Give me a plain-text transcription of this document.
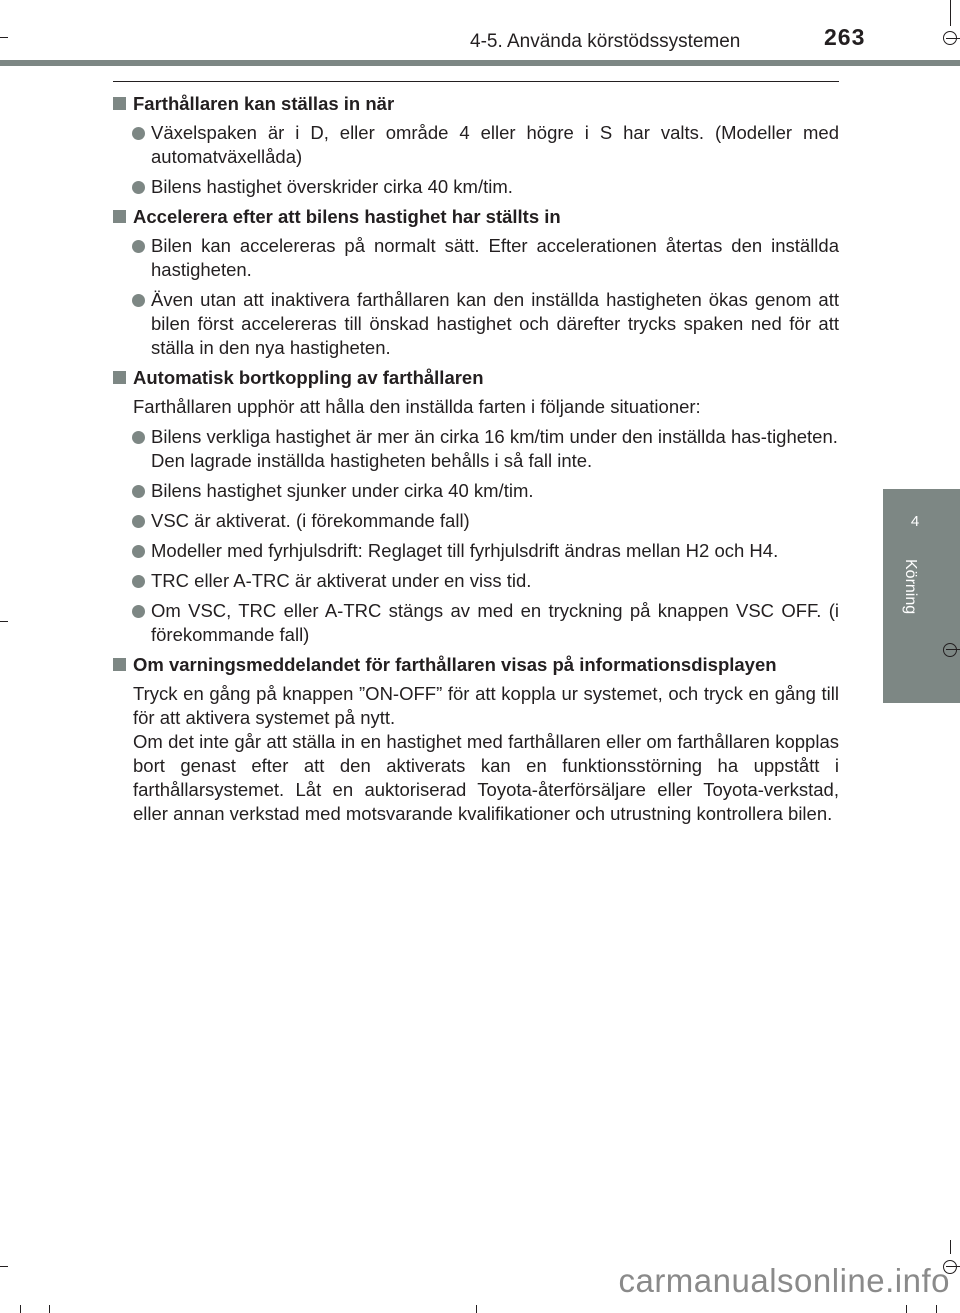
4-5. Använda körstödssystemen	263
4
Körning
Farthållaren kan ställas in när
Växelspaken är i D, eller område 4 eller högre i S har valts. (Modeller med automatväxellåda)
Bilens hastighet överskrider cirka 40 km/tim.
Accelerera efter att bilens hastighet har ställts in
Bilen kan accelereras på normalt sätt. Efter accelerationen återtas den inställda hastigheten.
Även utan att inaktivera farthållaren kan den inställda hastigheten ökas genom att bilen först accelereras till önskad hastighet och därefter trycks spaken ned för att ställa in den nya hastigheten.
Automatisk bortkoppling av farthållaren
Farthållaren upphör att hålla den inställda farten i följande situationer:
Bilens verkliga hastighet är mer än cirka 16 km/tim under den inställda has-tigheten.
Den lagrade inställda hastigheten behålls i så fall inte.
Bilens hastighet sjunker under cirka 40 km/tim.
VSC är aktiverat. (i förekommande fall)
Modeller med fyrhjulsdrift: Reglaget till fyrhjulsdrift ändras mellan H2 och H4.
TRC eller A-TRC är aktiverat under en viss tid.
Om VSC, TRC eller A-TRC stängs av med en tryckning på knappen VSC OFF. (i förekommande fall)
Om varningsmeddelandet för farthållaren visas på informationsdisplayen
Tryck en gång på knappen ”ON-OFF” för att koppla ur systemet, och tryck en gång till för att aktivera systemet på nytt.
Om det inte går att ställa in en hastighet med farthållaren eller om farthållaren kopplas bort genast efter att den aktiverats kan en funktionsstörning ha uppstått i farthållarsystemet. Låt en auktoriserad Toyota-återförsäljare eller Toyota-verkstad, eller annan verkstad med motsvarande kvalifikationer och utrustning kontrollera bilen.
carmanualsonline.info
